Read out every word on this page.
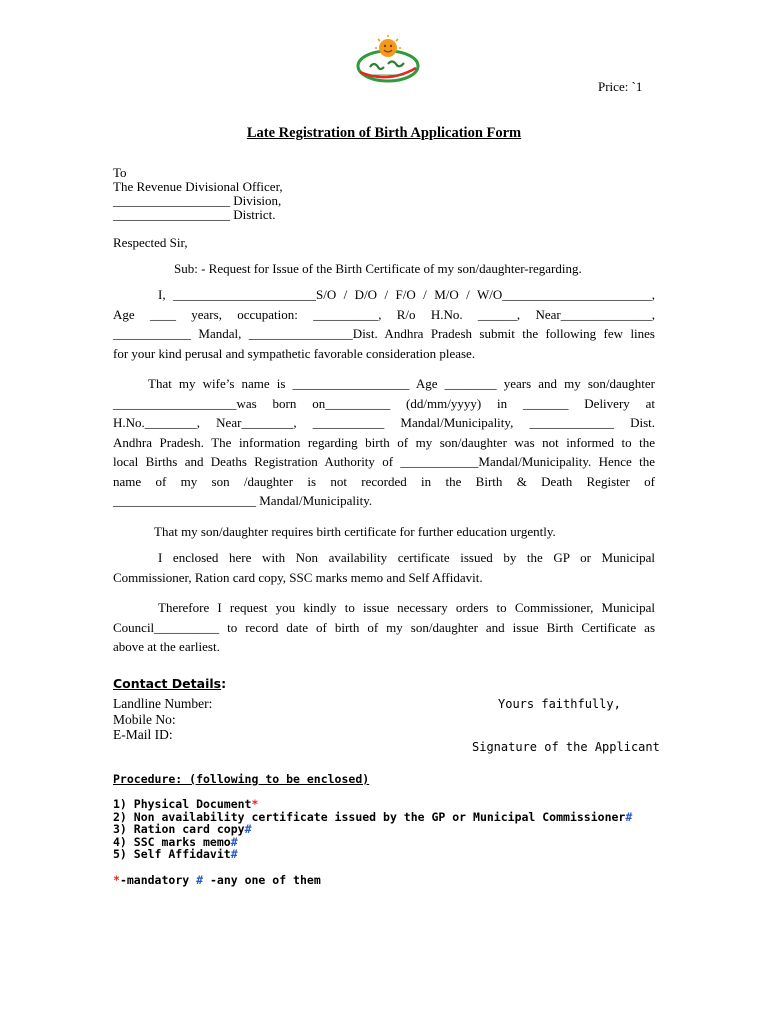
Price: `1
Late Registration of Birth Application Form
To
The Revenue Divisional Officer,
__________________ Division,
__________________ District.
Respected Sir,
Sub: - Request for Issue of the Birth Certificate of my son/daughter-regarding.
I, ______________________S/O / D/O / F/O / M/O / W/O_______________________,
Age ____ years, occupation: __________, R/o H.No. ______, Near______________,
____________ Mandal, ________________Dist. Andhra Pradesh submit the following few lines
for your kind perusal and sympathetic favorable consideration please.
That my wife’s name is __________________ Age ________ years and my son/daughter
___________________was born on__________ (dd/mm/yyyy) in _______ Delivery at
H.No.________, Near________, ___________ Mandal/Municipality, _____________ Dist.
Andhra Pradesh. The information regarding birth of my son/daughter was not informed to the
local Births and Deaths Registration Authority of ____________Mandal/Municipality. Hence the
name of my son /daughter is not recorded in the Birth & Death Register of
______________________ Mandal/Municipality.
That my son/daughter requires birth certificate for further education urgently.
I enclosed here with Non availability certificate issued by the GP or Municipal
Commissioner, Ration card copy, SSC marks memo and Self Affidavit.
Therefore I request you kindly to issue necessary orders to Commissioner, Municipal
Council__________ to record date of birth of my son/daughter and issue Birth Certificate as
above at the earliest.
Contact Details:
Landline Number:
Mobile No:
E-Mail ID:
Yours faithfully,
Signature of the Applicant
Procedure: (following to be enclosed)
1) Physical Document*
2) Non availability certificate issued by the GP or Municipal Commissioner#
3) Ration card copy#
4) SSC marks memo#
5) Self Affidavit#
*-mandatory # -any one of them
